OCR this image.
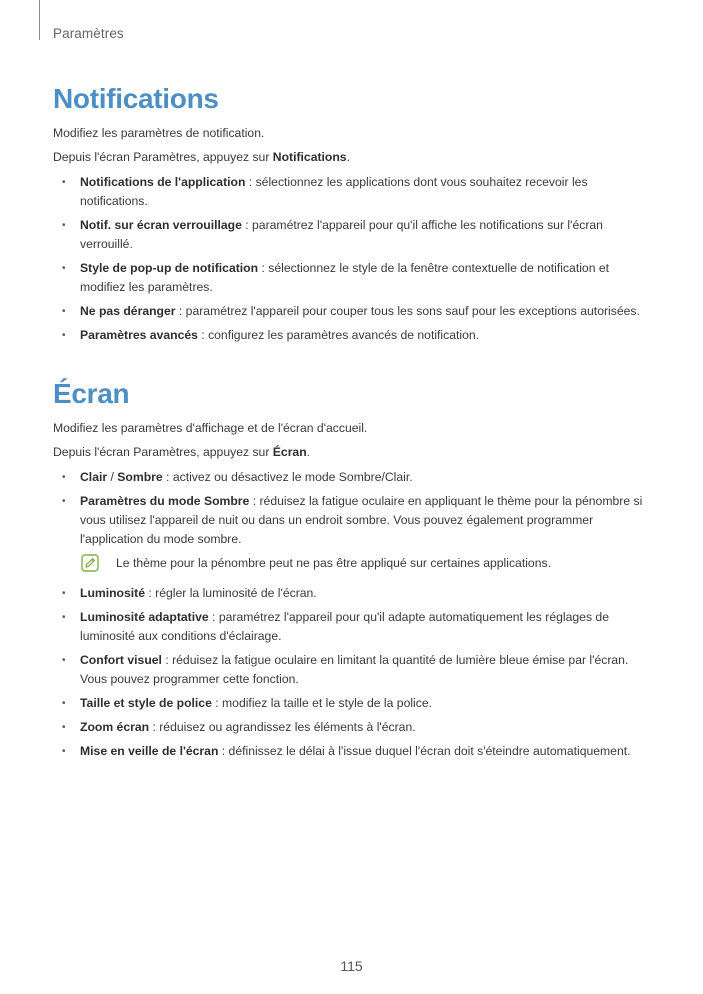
Paramètres
Notifications

Modifiez les paramètres de notification.

Depuis l'écran Paramètres, appuyez sur Notifications.

• Notifications de l'application : sélectionnez les applications dont vous souhaitez recevoir les notifications.
• Notif. sur écran verrouillage : paramétrez l'appareil pour qu'il affiche les notifications sur l'écran verrouillé.
• Style de pop-up de notification : sélectionnez le style de la fenêtre contextuelle de notification et modifiez les paramètres.
• Ne pas déranger : paramétrez l'appareil pour couper tous les sons sauf pour les exceptions autorisées.
• Paramètres avancés : configurez les paramètres avancés de notification.
Écran

Modifiez les paramètres d'affichage et de l'écran d'accueil.

Depuis l'écran Paramètres, appuyez sur Écran.

• Clair / Sombre : activez ou désactivez le mode Sombre/Clair.
• Paramètres du mode Sombre : réduisez la fatigue oculaire en appliquant le thème pour la pénombre si vous utilisez l'appareil de nuit ou dans un endroit sombre. Vous pouvez également programmer l'application du mode sombre.
Le thème pour la pénombre peut ne pas être appliqué sur certaines applications.
• Luminosité : régler la luminosité de l'écran.
• Luminosité adaptative : paramétrez l'appareil pour qu'il adapte automatiquement les réglages de luminosité aux conditions d'éclairage.
• Confort visuel : réduisez la fatigue oculaire en limitant la quantité de lumière bleue émise par l'écran. Vous pouvez programmer cette fonction.
• Taille et style de police : modifiez la taille et le style de la police.
• Zoom écran : réduisez ou agrandissez les éléments à l'écran.
• Mise en veille de l'écran : définissez le délai à l'issue duquel l'écran doit s'éteindre automatiquement.
115
